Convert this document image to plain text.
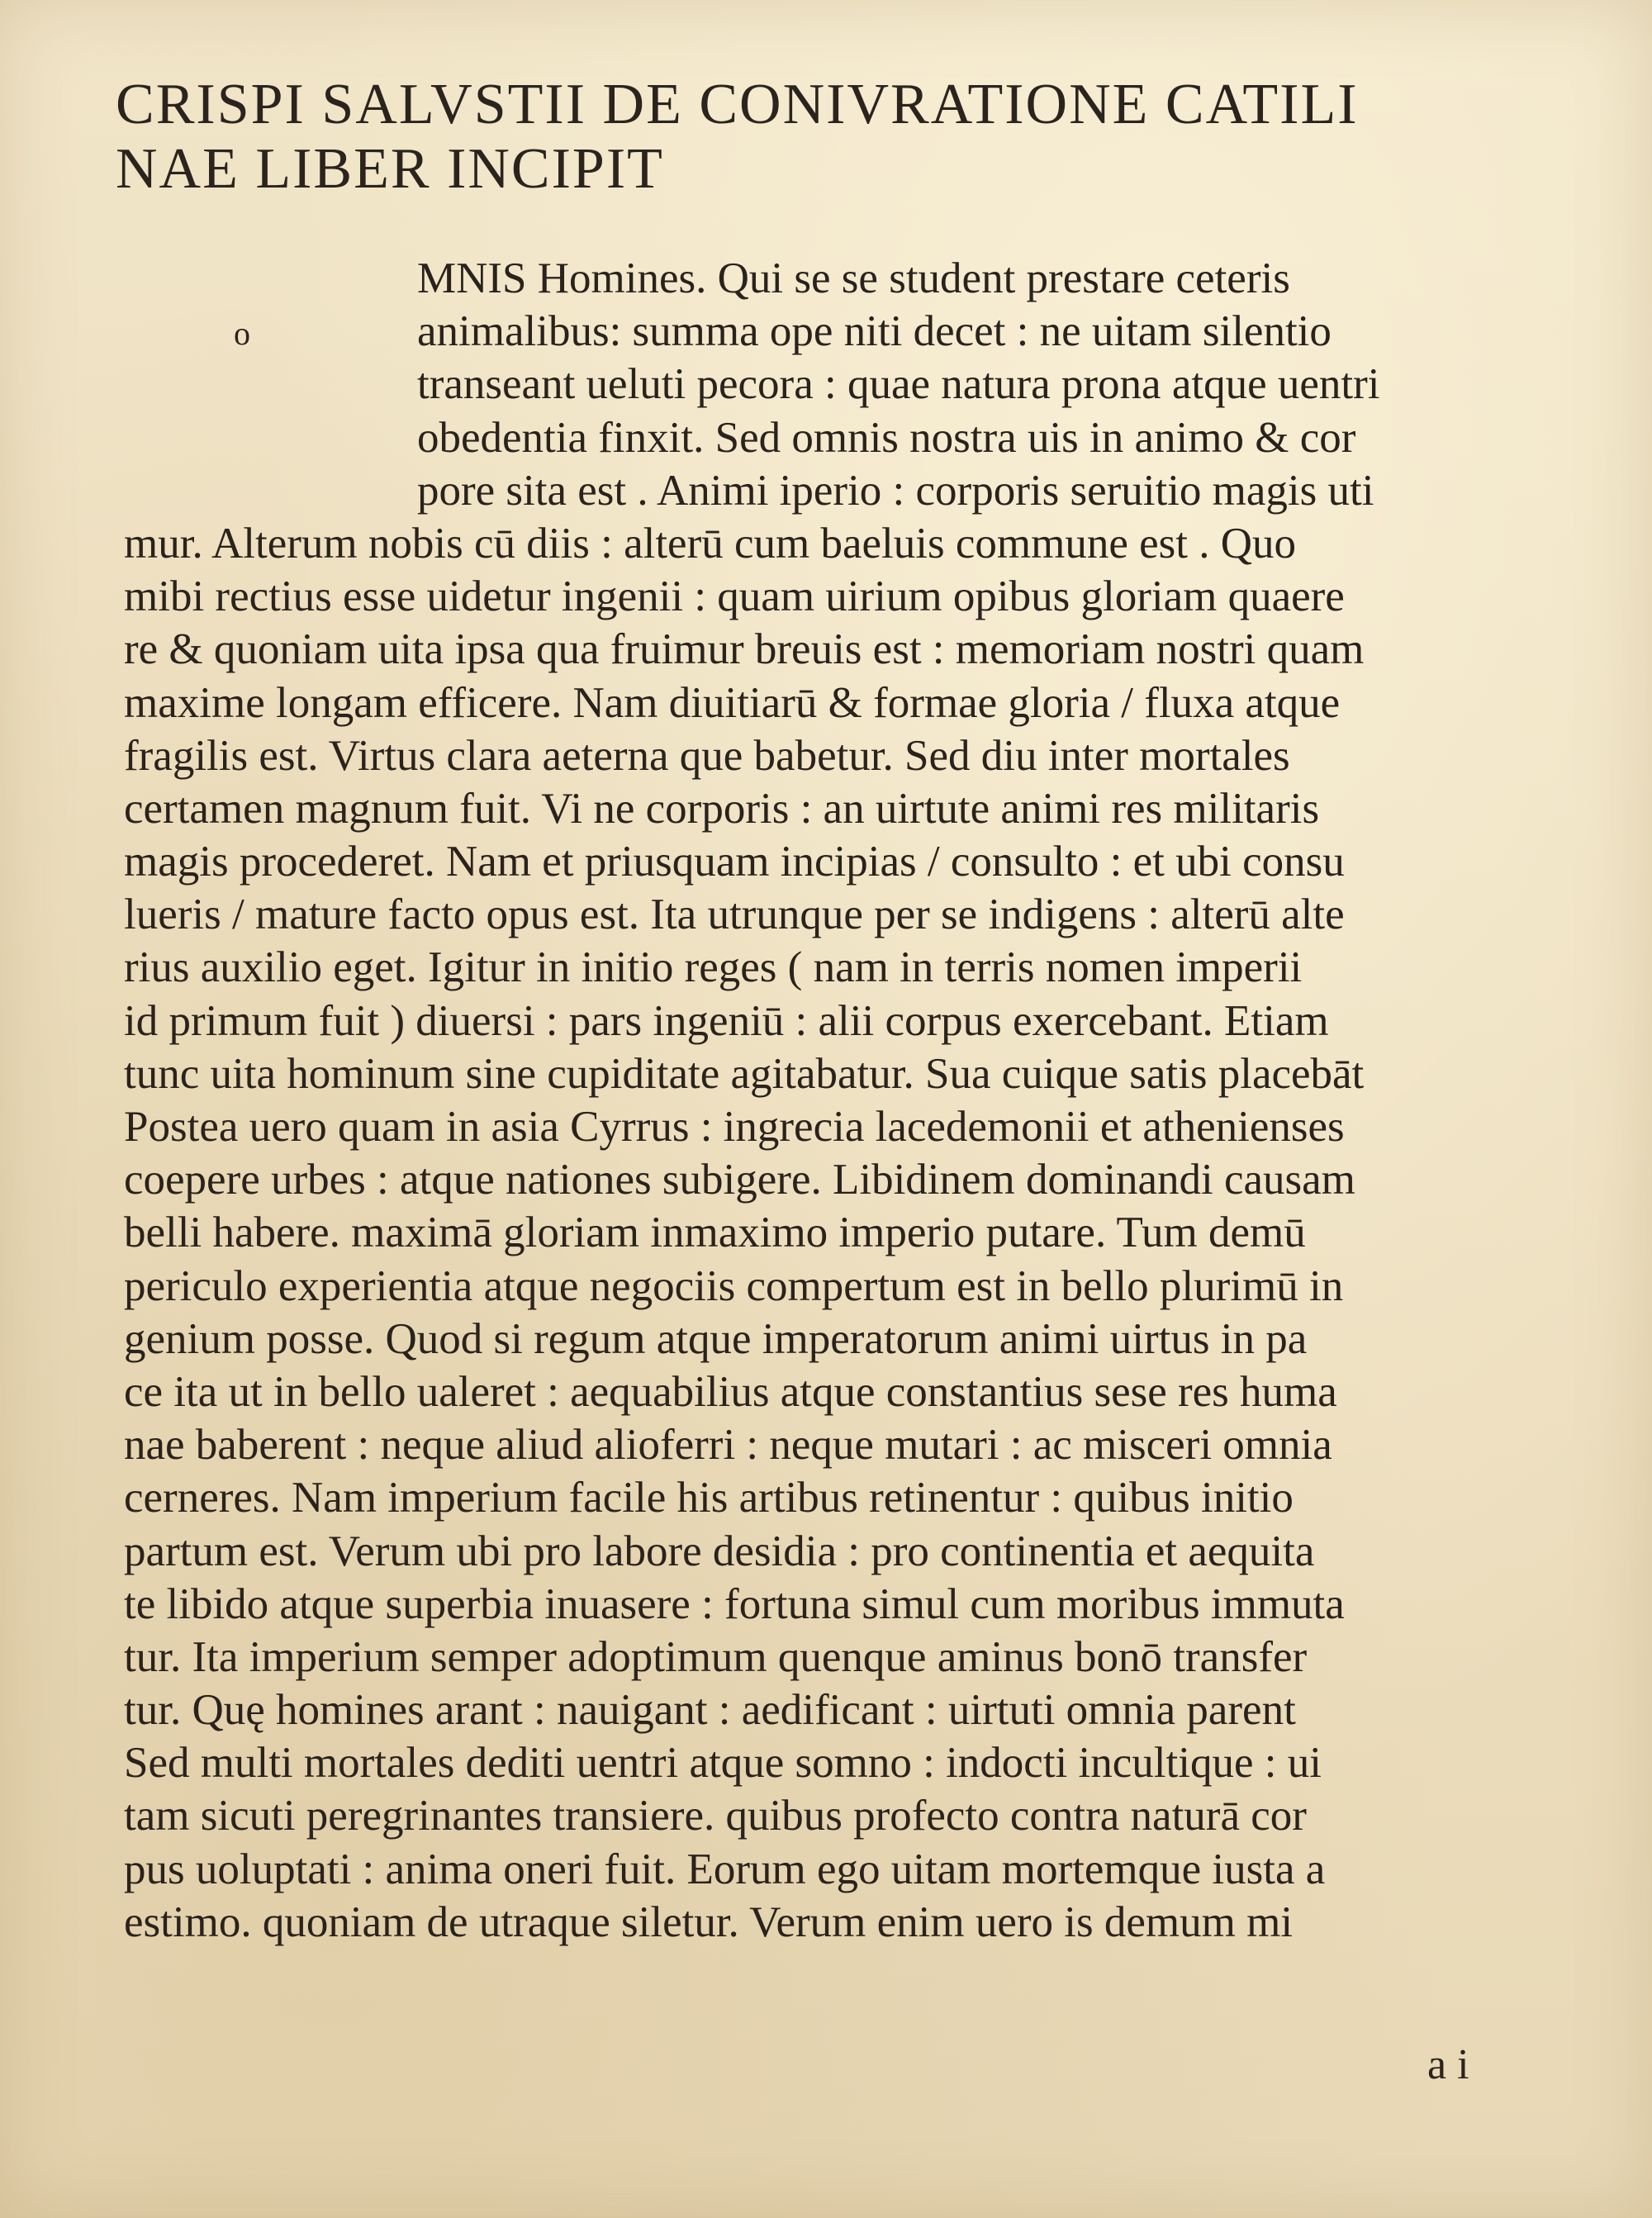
CRISPI SALVSTII DE CONIVRATIONE CATILI
NAE LIBER INCIPIT
o
MNIS Homines. Qui se se student prestare ceteris
animalibus: summa ope niti decet : ne uitam silentio
transeant ueluti pecora : quae natura prona atque uentri
obedentia finxit. Sed omnis nostra uis in animo & cor
pore sita est . Animi iperio : corporis seruitio magis uti
mur. Alterum nobis cū diis : alterū cum baeluis commune est . Quo
mibi rectius esse uidetur ingenii : quam uirium opibus gloriam quaere
re & quoniam uita ipsa qua fruimur breuis est : memoriam nostri quam
maxime longam efficere. Nam diuitiarū & formae gloria / fluxa atque
fragilis est. Virtus clara aeterna que babetur. Sed diu inter mortales
certamen magnum fuit. Vi ne corporis : an uirtute animi res militaris
magis procederet. Nam et priusquam incipias / consulto : et ubi consu
lueris / mature facto opus est. Ita utrunque per se indigens : alterū alte
rius auxilio eget. Igitur in initio reges ( nam in terris nomen imperii
id primum fuit ) diuersi : pars ingeniū : alii corpus exercebant. Etiam
tunc uita hominum sine cupiditate agitabatur. Sua cuique satis placebāt
Postea uero quam in asia Cyrrus : ingrecia lacedemonii et athenienses
coepere urbes : atque nationes subigere. Libidinem dominandi causam
belli habere. maximā gloriam inmaximo imperio putare. Tum demū
periculo experientia atque negociis compertum est in bello plurimū in
genium posse. Quod si regum atque imperatorum animi uirtus in pa
ce ita ut in bello ualeret : aequabilius atque constantius sese res huma
nae baberent : neque aliud alioferri : neque mutari : ac misceri omnia
cerneres. Nam imperium facile his artibus retinentur : quibus initio
partum est. Verum ubi pro labore desidia : pro continentia et aequita
te libido atque superbia inuasere : fortuna simul cum moribus immuta
tur. Ita imperium semper adoptimum quenque aminus bonō transfer
tur. Quę homines arant : nauigant : aedificant : uirtuti omnia parent
Sed multi mortales dediti uentri atque somno : indocti incultique : ui
tam sicuti peregrinantes transiere. quibus profecto contra naturā cor
pus uoluptati : anima oneri fuit. Eorum ego uitam mortemque iusta a
estimo. quoniam de utraque siletur. Verum enim uero is demum mi
a i
